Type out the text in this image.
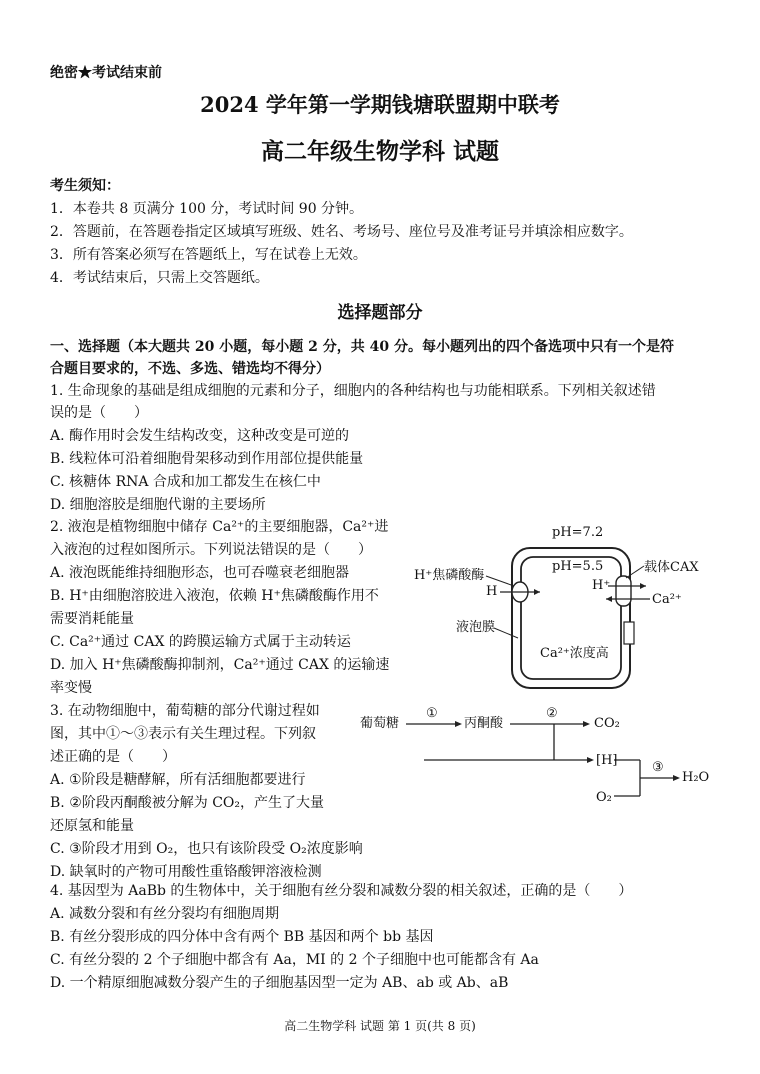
绝密★考试结束前
2024 学年第一学期钱塘联盟期中联考
高二年级生物学科 试题
考生须知：
1．本卷共 8 页满分 100 分，考试时间 90 分钟。
2．答题前，在答题卷指定区域填写班级、姓名、考场号、座位号及准考证号并填涂相应数字。
3．所有答案必须写在答题纸上，写在试卷上无效。
4．考试结束后，只需上交答题纸。
选择题部分
一、选择题（本大题共 20 小题，每小题 2 分，共 40 分。每小题列出的四个备选项中只有一个是符
合题目要求的，不选、多选、错选均不得分）
1. 生命现象的基础是组成细胞的元素和分子，细胞内的各种结构也与功能相联系。下列相关叙述错
误的是（　　）
A. 酶作用时会发生结构改变，这种改变是可逆的
B. 线粒体可沿着细胞骨架移动到作用部位提供能量
C. 核糖体 RNA 合成和加工都发生在核仁中
D. 细胞溶胶是细胞代谢的主要场所
2. 液泡是植物细胞中储存 Ca²⁺的主要细胞器，Ca²⁺进
入液泡的过程如图所示。下列说法错误的是（　　）
A. 液泡既能维持细胞形态，也可吞噬衰老细胞器
B. H⁺由细胞溶胶进入液泡，依赖 H⁺焦磷酸酶作用不
需要消耗能量
C. Ca²⁺通过 CAX 的跨膜运输方式属于主动转运
D. 加入 H⁺焦磷酸酶抑制剂，Ca²⁺通过 CAX 的运输速
率变慢
pH=7.2
pH=5.5
H⁺焦磷酸酶
H
载体CAX
H⁺
Ca²⁺
液泡膜
Ca²⁺浓度高
3. 在动物细胞中，葡萄糖的部分代谢过程如
图，其中①～③表示有关生理过程。下列叙
述正确的是（　　）
A. ①阶段是糖酵解，所有活细胞都要进行
B. ②阶段丙酮酸被分解为 CO₂，产生了大量
还原氢和能量
C. ③阶段才用到 O₂，也只有该阶段受 O₂浓度影响
D. 缺氧时的产物可用酸性重铬酸钾溶液检测
葡萄糖
①
丙酮酸
②
CO₂
[H]	③
H₂O
O₂
4. 基因型为 AaBb 的生物体中，关于细胞有丝分裂和减数分裂的相关叙述，正确的是（　　）
A. 减数分裂和有丝分裂均有细胞周期
B. 有丝分裂形成的四分体中含有两个 BB 基因和两个 bb 基因
C. 有丝分裂的 2 个子细胞中都含有 Aa，MI 的 2 个子细胞中也可能都含有 Aa
D. 一个精原细胞减数分裂产生的子细胞基因型一定为 AB、ab 或 Ab、aB
高二生物学科 试题 第 1 页(共 8 页)
